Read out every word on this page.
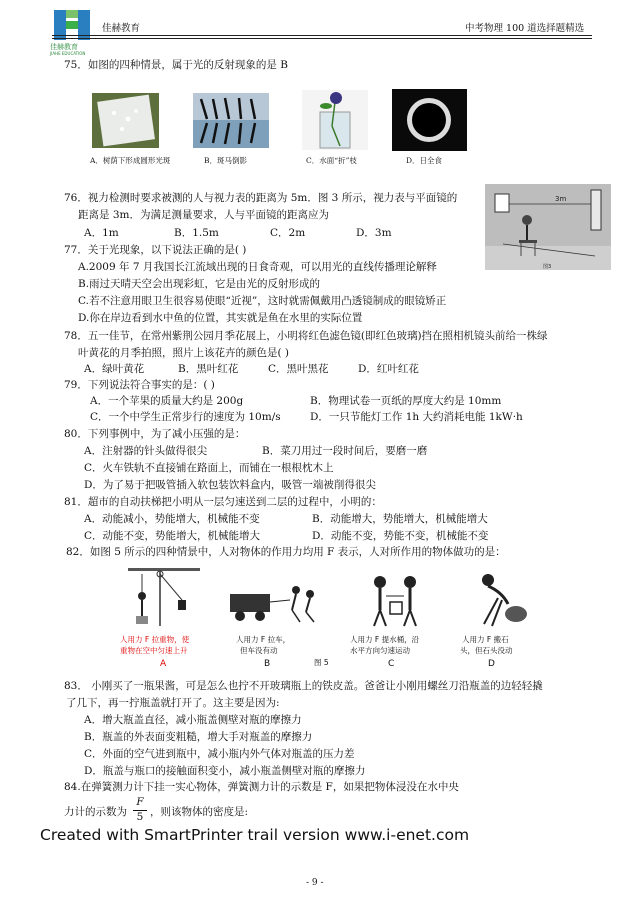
佳赫教育
JIAHE EDUCATION
佳赫教育	中考物理 100 道选择题精选
75．如图的四种情景，属于光的反射现象的是 B
A．树荫下形成圆形光斑	B．斑马倒影	C．水面“折”枝	D．日全食
76．视力检测时要求被测的人与视力表的距离为 5m．图 3 所示，视力表与平面镜的
距离是 3m．为满足测量要求，人与平面镜的距离应为
A．1m	B．1.5m	C．2m	D．3m
3m
图3
77．关于光现象，以下说法正确的是( )
A.2009 年 7 月我国长江流域出现的日食奇观，可以用光的直线传播理论解释
B.雨过天晴天空会出现彩虹，它是由光的反射形成的
C.若不注意用眼卫生很容易使眼“近视”，这时就需佩戴用凸透镜制成的眼镜矫正
D.你在岸边看到水中鱼的位置，其实就是鱼在水里的实际位置
78．五一佳节，在常州紫荆公园月季花展上，小明将红色滤色镜(即红色玻璃)挡在照相机镜头前给一株绿
叶黄花的月季拍照，照片上该花卉的颜色是( )
A．绿叶黄花	B．黑叶红花	C．黑叶黑花	D．红叶红花
79．下列说法符合事实的是：( )
A．一个苹果的质量大约是 200g	B．物理试卷一页纸的厚度大约是 10mm
C．一个中学生正常步行的速度为 10m/s	D．一只节能灯工作 1h 大约消耗电能 1kW·h
80．下列事例中，为了减小压强的是：
A．注射器的针头做得很尖	B．菜刀用过一段时间后，要磨一磨
C．火车铁轨不直接铺在路面上，而铺在一根根枕木上
D．为了易于把吸管插入软包装饮料盒内，吸管一端被削得很尖
81．超市的自动扶梯把小明从一层匀速送到二层的过程中，小明的：
A．动能减小，势能增大，机械能不变	B．动能增大，势能增大，机械能增大
C．动能不变，势能增大，机械能增大	D．动能不变，势能不变，机械能不变
82．如图 5 所示的四种情景中，人对物体的作用力均用 F 表示，人对所作用的物体做功的是：
人用力 F 拉重物，使
重物在空中匀速上升
A
人用力 F 拉车，
但车没有动
B	图 5
人用力 F 提水桶，沿
水平方向匀速运动
C
人用力 F 搬石
头，但石头没动
D
83． 小刚买了一瓶果酱，可是怎么也拧不开玻璃瓶上的铁皮盖。爸爸让小刚用螺丝刀沿瓶盖的边轻轻撬
了几下，再一拧瓶盖就打开了。这主要是因为:
A．增大瓶盖直径，减小瓶盖侧壁对瓶的摩擦力
B．瓶盖的外表面变粗糙，增大手对瓶盖的摩擦力
C．外面的空气进到瓶中，减小瓶内外气体对瓶盖的压力差
D．瓶盖与瓶口的接触面积变小，减小瓶盖侧壁对瓶的摩擦力
84.在弹簧测力计下挂一实心物体，弹簧测力计的示数是 F，如果把物体浸没在水中央
力计的示数为
F
5 ，则该物体的密度是:
Created with SmartPrinter trail version www.i-enet.com
- 9 -
